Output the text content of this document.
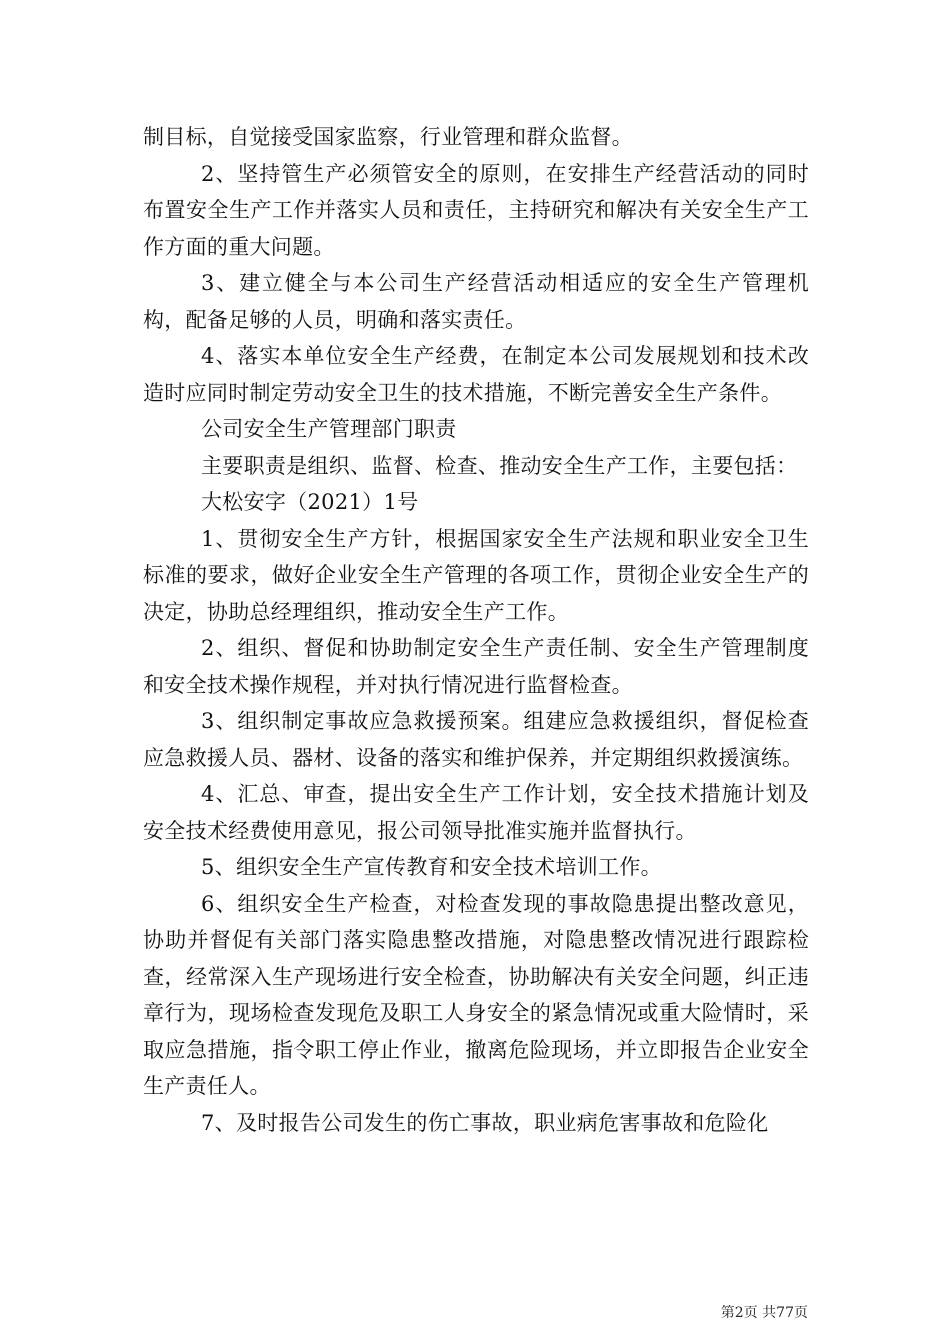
制目标，自觉接受国家监察，行业管理和群众监督。

2、坚持管生产必须管安全的原则，在安排生产经营活动的同时布置安全生产工作并落实人员和责任，主持研究和解决有关安全生产工作方面的重大问题。

3、建立健全与本公司生产经营活动相适应的安全生产管理机构，配备足够的人员，明确和落实责任。

4、落实本单位安全生产经费，在制定本公司发展规划和技术改造时应同时制定劳动安全卫生的技术措施，不断完善安全生产条件。

公司安全生产管理部门职责

主要职责是组织、监督、检查、推动安全生产工作，主要包括：

大松安字（2021）1号

1、贯彻安全生产方针，根据国家安全生产法规和职业安全卫生标准的要求，做好企业安全生产管理的各项工作，贯彻企业安全生产的决定，协助总经理组织，推动安全生产工作。

2、组织、督促和协助制定安全生产责任制、安全生产管理制度和安全技术操作规程，并对执行情况进行监督检查。

3、组织制定事故应急救援预案。组建应急救援组织，督促检查应急救援人员、器材、设备的落实和维护保养，并定期组织救援演练。

4、汇总、审查，提出安全生产工作计划，安全技术措施计划及安全技术经费使用意见，报公司领导批准实施并监督执行。

5、组织安全生产宣传教育和安全技术培训工作。

6、组织安全生产检查，对检查发现的事故隐患提出整改意见，协助并督促有关部门落实隐患整改措施，对隐患整改情况进行跟踪检查，经常深入生产现场进行安全检查，协助解决有关安全问题，纠正违章行为，现场检查发现危及职工人身安全的紧急情况或重大险情时，采取应急措施，指令职工停止作业，撤离危险现场，并立即报告企业安全生产责任人。

7、及时报告公司发生的伤亡事故，职业病危害事故和危险化

第2页 共77页
